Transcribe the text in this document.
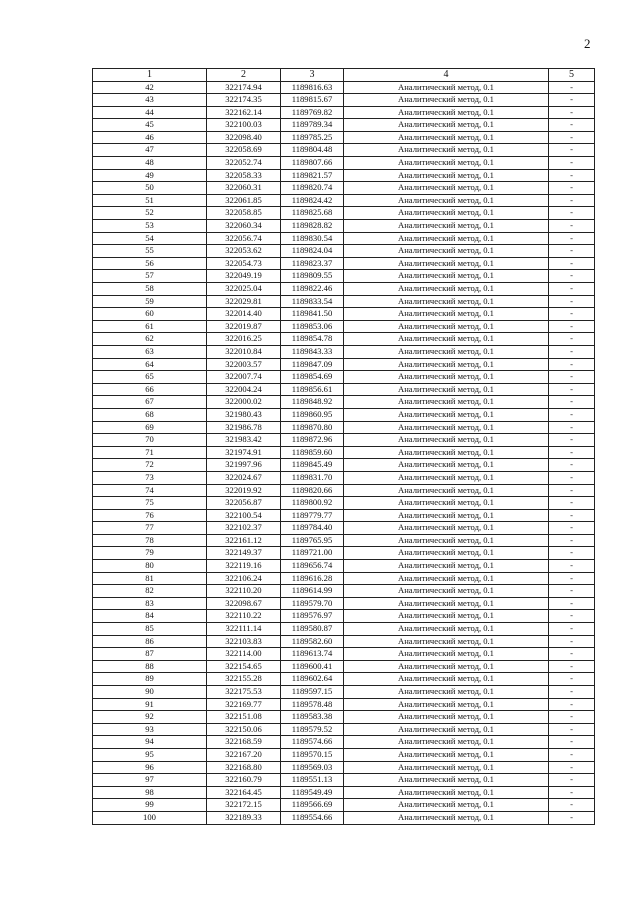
2
1	2	3	4	5
42	322174.94	1189816.63	Аналитический метод, 0.1	-
43	322174.35	1189815.67	Аналитический метод, 0.1	-
44	322162.14	1189769.82	Аналитический метод, 0.1	-
45	322100.03	1189789.34	Аналитический метод, 0.1	-
46	322098.40	1189785.25	Аналитический метод, 0.1	-
47	322058.69	1189804.48	Аналитический метод, 0.1	-
48	322052.74	1189807.66	Аналитический метод, 0.1	-
49	322058.33	1189821.57	Аналитический метод, 0.1	-
50	322060.31	1189820.74	Аналитический метод, 0.1	-
51	322061.85	1189824.42	Аналитический метод, 0.1	-
52	322058.85	1189825.68	Аналитический метод, 0.1	-
53	322060.34	1189828.82	Аналитический метод, 0.1	-
54	322056.74	1189830.54	Аналитический метод, 0.1	-
55	322053.62	1189824.04	Аналитический метод, 0.1	-
56	322054.73	1189823.37	Аналитический метод, 0.1	-
57	322049.19	1189809.55	Аналитический метод, 0.1	-
58	322025.04	1189822.46	Аналитический метод, 0.1	-
59	322029.81	1189833.54	Аналитический метод, 0.1	-
60	322014.40	1189841.50	Аналитический метод, 0.1	-
61	322019.87	1189853.06	Аналитический метод, 0.1	-
62	322016.25	1189854.78	Аналитический метод, 0.1	-
63	322010.84	1189843.33	Аналитический метод, 0.1	-
64	322003.57	1189847.09	Аналитический метод, 0.1	-
65	322007.74	1189854.69	Аналитический метод, 0.1	-
66	322004.24	1189856.61	Аналитический метод, 0.1	-
67	322000.02	1189848.92	Аналитический метод, 0.1	-
68	321980.43	1189860.95	Аналитический метод, 0.1	-
69	321986.78	1189870.80	Аналитический метод, 0.1	-
70	321983.42	1189872.96	Аналитический метод, 0.1	-
71	321974.91	1189859.60	Аналитический метод, 0.1	-
72	321997.96	1189845.49	Аналитический метод, 0.1	-
73	322024.67	1189831.70	Аналитический метод, 0.1	-
74	322019.92	1189820.66	Аналитический метод, 0.1	-
75	322056.87	1189800.92	Аналитический метод, 0.1	-
76	322100.54	1189779.77	Аналитический метод, 0.1	-
77	322102.37	1189784.40	Аналитический метод, 0.1	-
78	322161.12	1189765.95	Аналитический метод, 0.1	-
79	322149.37	1189721.00	Аналитический метод, 0.1	-
80	322119.16	1189656.74	Аналитический метод, 0.1	-
81	322106.24	1189616.28	Аналитический метод, 0.1	-
82	322110.20	1189614.99	Аналитический метод, 0.1	-
83	322098.67	1189579.70	Аналитический метод, 0.1	-
84	322110.22	1189576.97	Аналитический метод, 0.1	-
85	322111.14	1189580.87	Аналитический метод, 0.1	-
86	322103.83	1189582.60	Аналитический метод, 0.1	-
87	322114.00	1189613.74	Аналитический метод, 0.1	-
88	322154.65	1189600.41	Аналитический метод, 0.1	-
89	322155.28	1189602.64	Аналитический метод, 0.1	-
90	322175.53	1189597.15	Аналитический метод, 0.1	-
91	322169.77	1189578.48	Аналитический метод, 0.1	-
92	322151.08	1189583.38	Аналитический метод, 0.1	-
93	322150.06	1189579.52	Аналитический метод, 0.1	-
94	322168.59	1189574.66	Аналитический метод, 0.1	-
95	322167.20	1189570.15	Аналитический метод, 0.1	-
96	322168.80	1189569.03	Аналитический метод, 0.1	-
97	322160.79	1189551.13	Аналитический метод, 0.1	-
98	322164.45	1189549.49	Аналитический метод, 0.1	-
99	322172.15	1189566.69	Аналитический метод, 0.1	-
100	322189.33	1189554.66	Аналитический метод, 0.1	-
